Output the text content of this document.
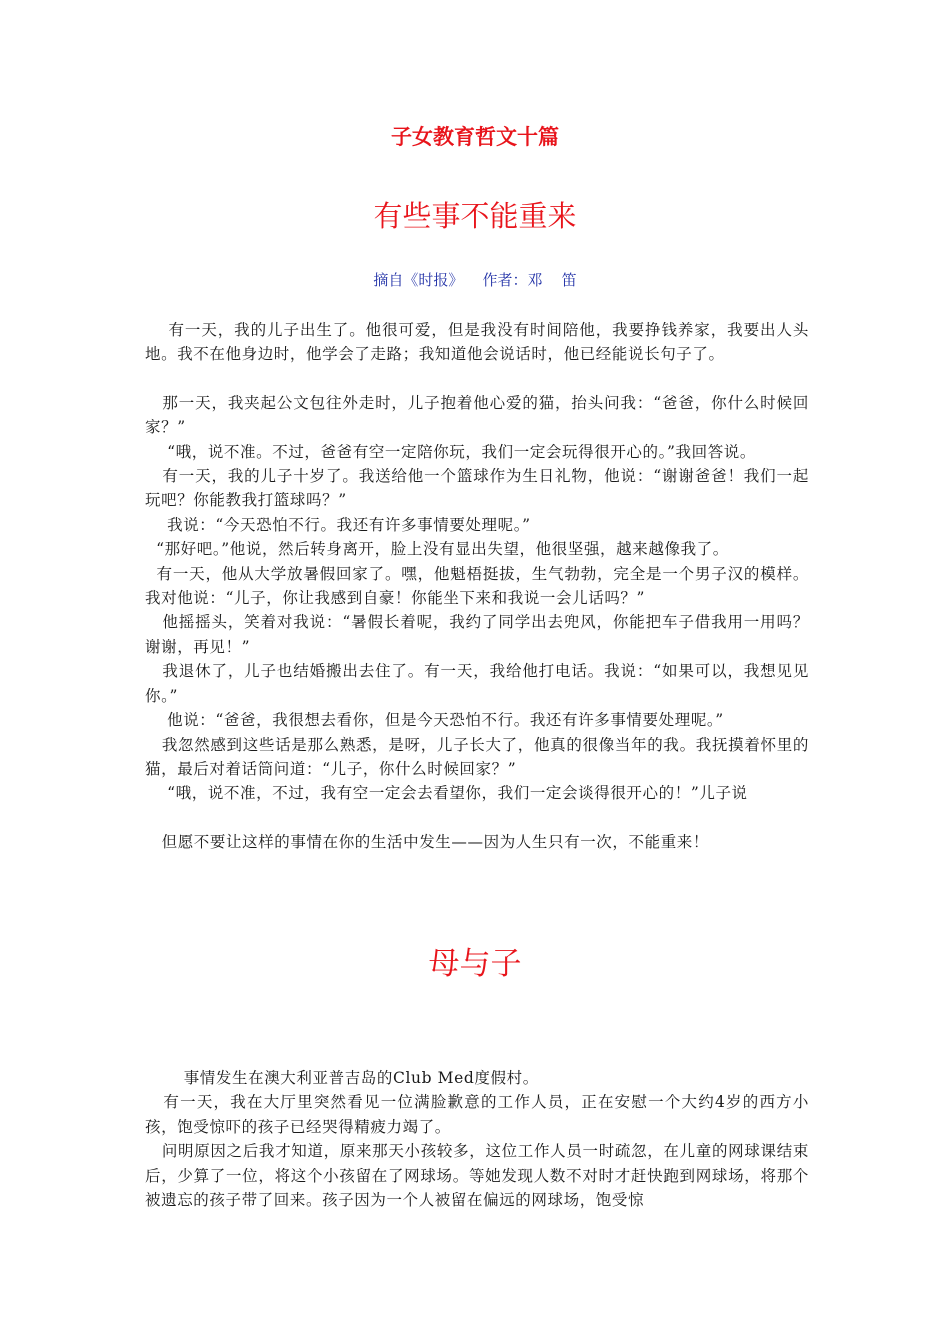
子女教育哲文十篇
有些事不能重来
摘自《时报》    作者：邓    笛

有一天，我的儿子出生了。他很可爱，但是我没有时间陪他，我要挣钱养家，我要出人头地。我不在他身边时，他学会了走路；我知道他会说话时，他已经能说长句子了。

那一天，我夹起公文包往外走时，儿子抱着他心爱的猫，抬头问我：“爸爸，你什么时候回家？”

“哦，说不准。不过，爸爸有空一定陪你玩，我们一定会玩得很开心的。”我回答说。

有一天，我的儿子十岁了。我送给他一个篮球作为生日礼物，他说：“谢谢爸爸！我们一起玩吧？你能教我打篮球吗？”

我说：“今天恐怕不行。我还有许多事情要处理呢。”

“那好吧。”他说，然后转身离开，脸上没有显出失望，他很坚强，越来越像我了。

有一天，他从大学放暑假回家了。嘿，他魁梧挺拔，生气勃勃，完全是一个男子汉的模样。我对他说：“儿子，你让我感到自豪！你能坐下来和我说一会儿话吗？”

他摇摇头，笑着对我说：“暑假长着呢，我约了同学出去兜风，你能把车子借我用一用吗？谢谢，再见！”

我退休了，儿子也结婚搬出去住了。有一天，我给他打电话。我说：“如果可以，我想见见你。”

他说：“爸爸，我很想去看你，但是今天恐怕不行。我还有许多事情要处理呢。”

我忽然感到这些话是那么熟悉，是呀，儿子长大了，他真的很像当年的我。我抚摸着怀里的猫，最后对着话筒问道：“儿子，你什么时候回家？”

“哦，说不准，不过，我有空一定会去看望你，我们一定会谈得很开心的！”儿子说

但愿不要让这样的事情在你的生活中发生——因为人生只有一次，不能重来！

母与子

事情发生在澳大利亚普吉岛的Club Med度假村。

有一天，我在大厅里突然看见一位满脸歉意的工作人员，正在安慰一个大约4岁的西方小孩，饱受惊吓的孩子已经哭得精疲力竭了。

问明原因之后我才知道，原来那天小孩较多，这位工作人员一时疏忽，在儿童的网球课结束后，少算了一位，将这个小孩留在了网球场。等她发现人数不对时才赶快跑到网球场，将那个被遗忘的孩子带了回来。孩子因为一个人被留在偏远的网球场，饱受惊
